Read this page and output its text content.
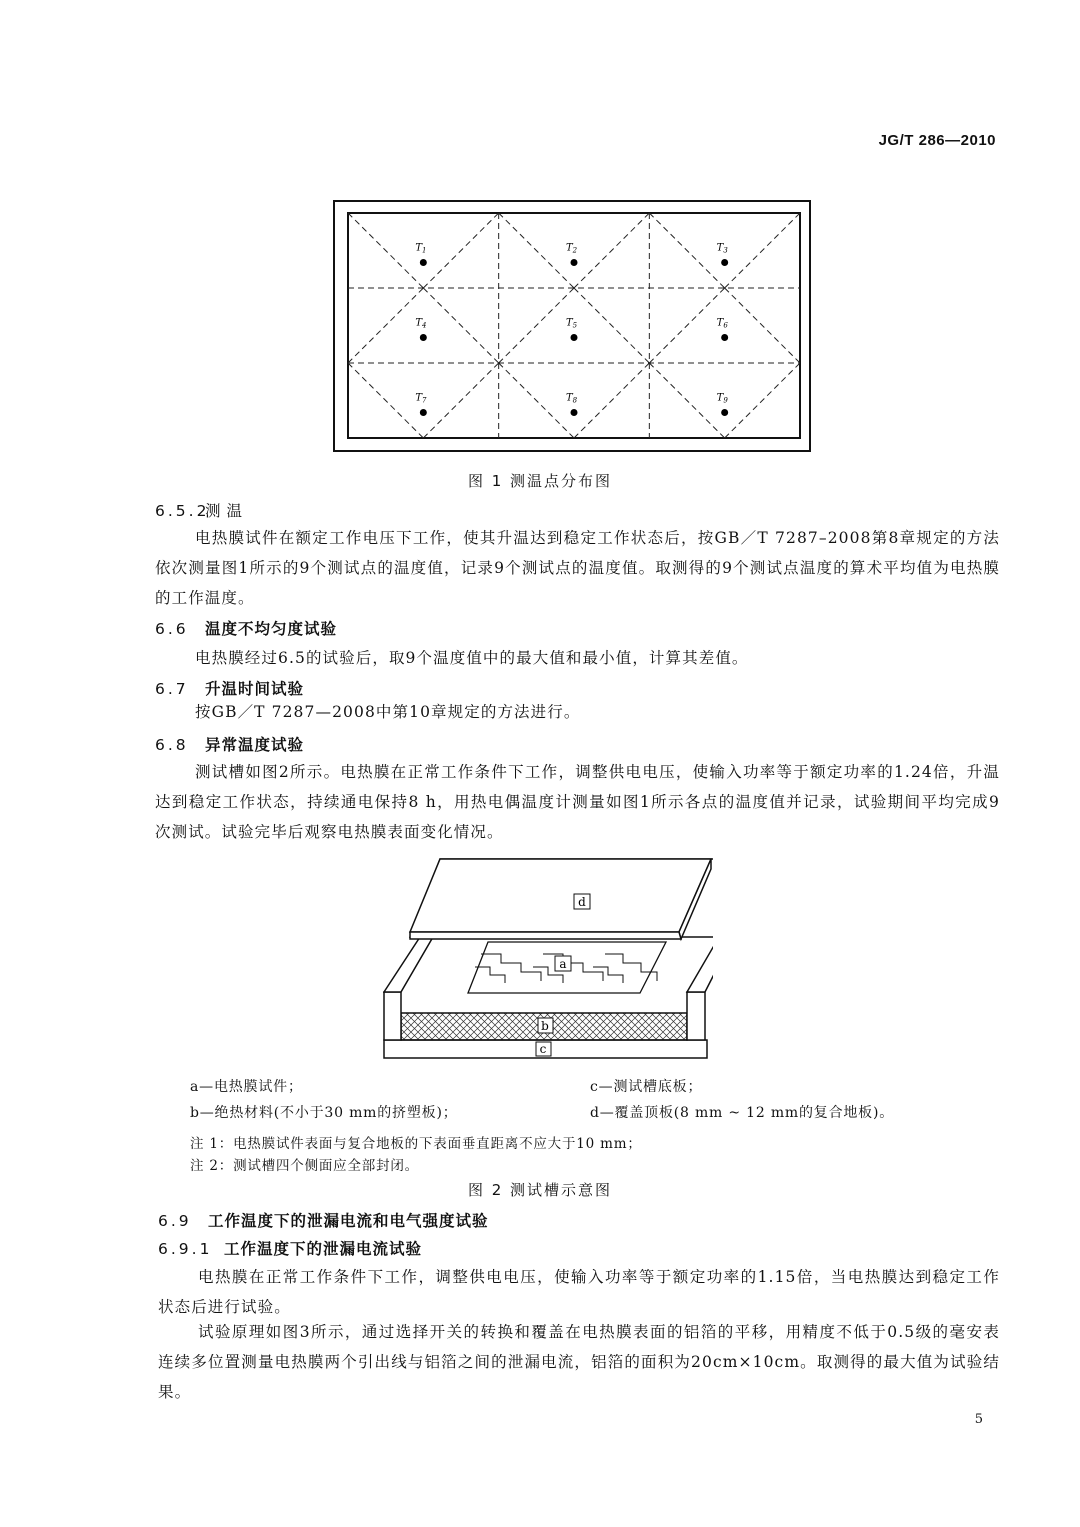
JG/T 286—2010
$T_1$	$T_2$	$T_3$
$T_4$	$T_5$	$T_6$
$T_7$	$T_8$	$T_9$
图 1 测温点分布图
6.5.2测温
电热膜试件在额定工作电压下工作，使其升温达到稳定工作状态后，按GB／T 7287–2008第8章规定的方法依次测量图1所示的9个测试点的温度值，记录9个测试点的温度值。取测得的9个测试点温度的算术平均值为电热膜的工作温度。
6.6 温度不均匀度试验
电热膜经过6.5的试验后，取9个温度值中的最大值和最小值，计算其差值。
6.7 升温时间试验
按GB／T 7287—2008中第10章规定的方法进行。
6.8 异常温度试验
测试槽如图2所示。电热膜在正常工作条件下工作，调整供电电压，使输入功率等于额定功率的1.24倍，升温达到稳定工作状态，持续通电保持8 h，用热电偶温度计测量如图1所示各点的温度值并记录，试验期间平均完成9次测试。试验完毕后观察电热膜表面变化情况。
d
a
b
c
a—电热膜试件；	c—测试槽底板；
b—绝热材料(不小于30 mm的挤塑板)；	d—覆盖顶板(8 mm ~ 12 mm的复合地板)。
注 1：电热膜试件表面与复合地板的下表面垂直距离不应大于10 mm；
注 2：测试槽四个侧面应全部封闭。
图 2 测试槽示意图
6.9 工作温度下的泄漏电流和电气强度试验
6.9.1 工作温度下的泄漏电流试验
电热膜在正常工作条件下工作，调整供电电压，使输入功率等于额定功率的1.15倍，当电热膜达到稳定工作状态后进行试验。
试验原理如图3所示，通过选择开关的转换和覆盖在电热膜表面的铝箔的平移，用精度不低于0.5级的毫安表连续多位置测量电热膜两个引出线与铝箔之间的泄漏电流，铝箔的面积为20cm×10cm。取测得的最大值为试验结果。
5
